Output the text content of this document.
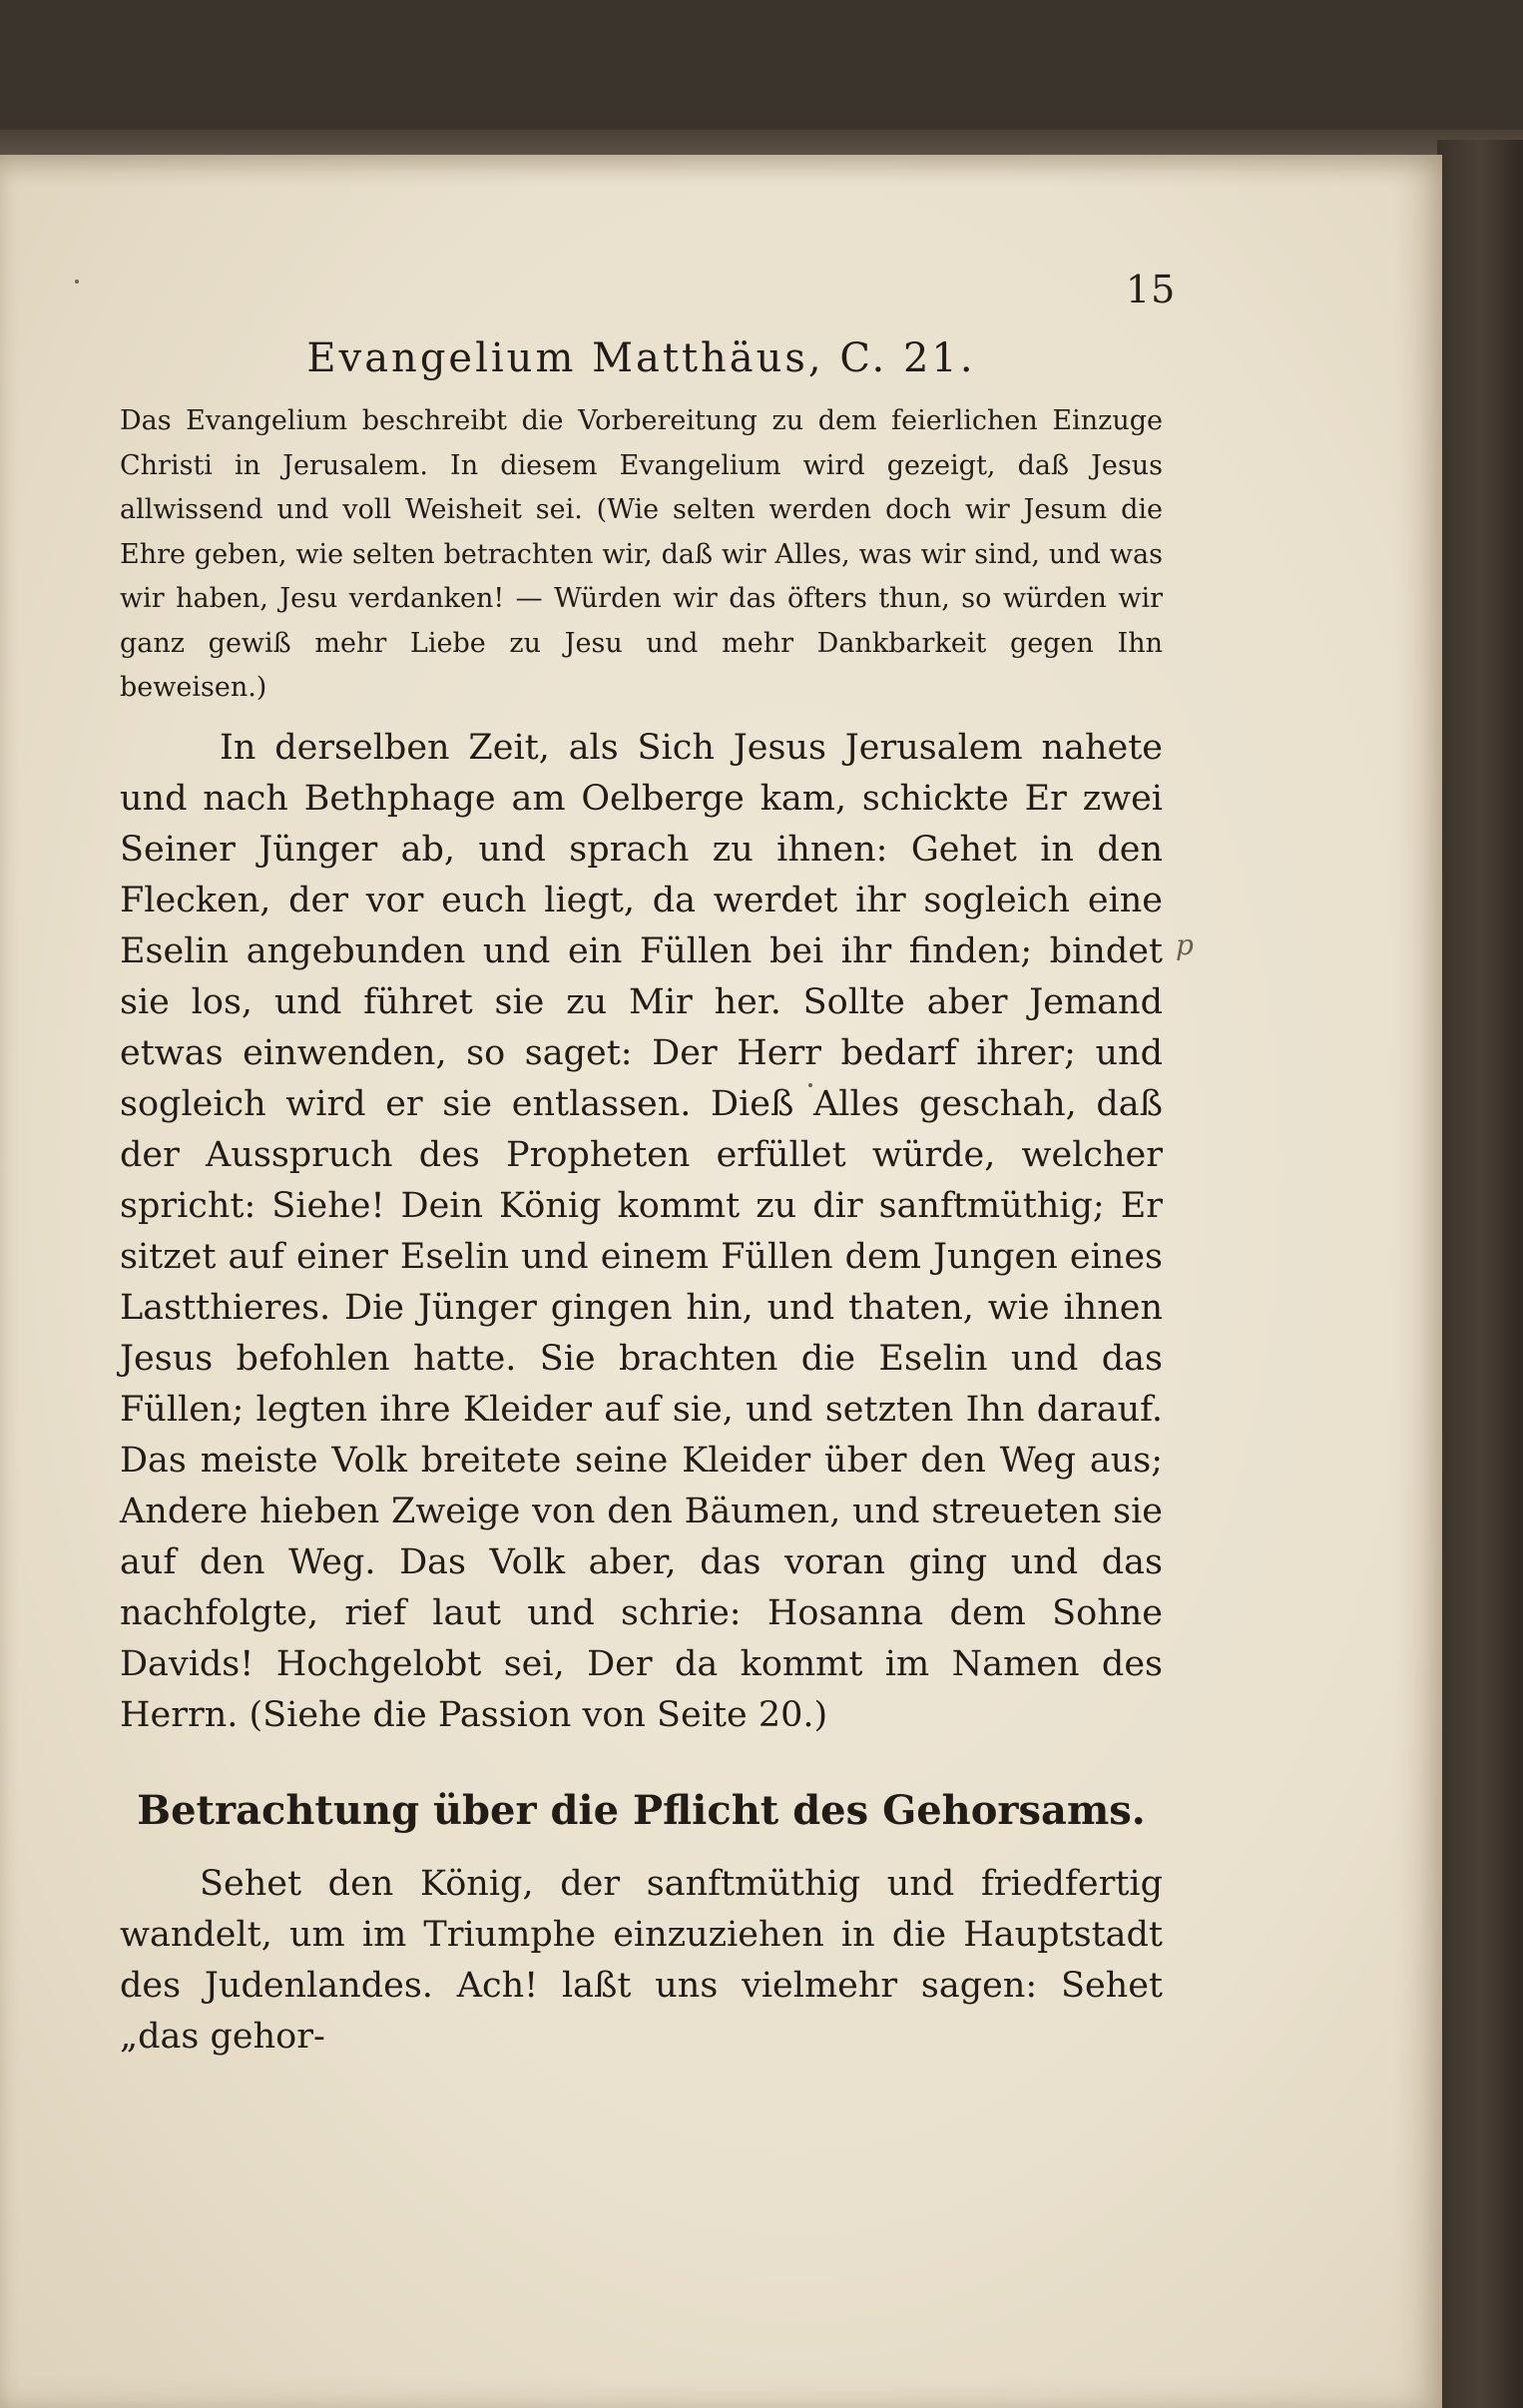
15
Evangelium Matthäus, C. 21.
Das Evangelium beschreibt die Vorbereitung zu dem feierlichen Einzuge Christi in Jerusalem. In diesem Evangelium wird gezeigt, daß Jesus allwissend und voll Weisheit sei. (Wie selten werden doch wir Jesum die Ehre geben, wie selten betrachten wir, daß wir Alles, was wir sind, und was wir haben, Jesu verdanken! — Würden wir das öfters thun, so würden wir ganz gewiß mehr Liebe zu Jesu und mehr Dankbarkeit gegen Ihn beweisen.)
In derselben Zeit, als Sich Jesus Jerusalem nahete und nach Bethphage am Oelberge kam, schickte Er zwei Seiner Jünger ab, und sprach zu ihnen: Gehet in den Flecken, der vor euch liegt, da werdet ihr sogleich eine Eselin angebunden und ein Füllen bei ihr finden; bindet sie los, und führet sie zu Mir her. Sollte aber Jemand etwas einwenden, so saget: Der Herr bedarf ihrer; und sogleich wird er sie entlassen. Dieß Alles geschah, daß der Ausspruch des Propheten erfüllet würde, welcher spricht: Siehe! Dein König kommt zu dir sanftmüthig; Er sitzet auf einer Eselin und einem Füllen dem Jungen eines Lastthieres. Die Jünger gingen hin, und thaten, wie ihnen Jesus befohlen hatte. Sie brachten die Eselin und das Füllen; legten ihre Kleider auf sie, und setzten Ihn darauf. Das meiste Volk breitete seine Kleider über den Weg aus; Andere hieben Zweige von den Bäumen, und streueten sie auf den Weg. Das Volk aber, das voran ging und das nachfolgte, rief laut und schrie: Hosanna dem Sohne Davids! Hochgelobt sei, Der da kommt im Namen des Herrn. (Siehe die Passion von Seite 20.)
Betrachtung über die Pflicht des Gehorsams.
Sehet den König, der sanftmüthig und friedfertig wandelt, um im Triumphe einzuziehen in die Hauptstadt des Judenlandes. Ach! laßt uns vielmehr sagen: Sehet „das gehor-
p
